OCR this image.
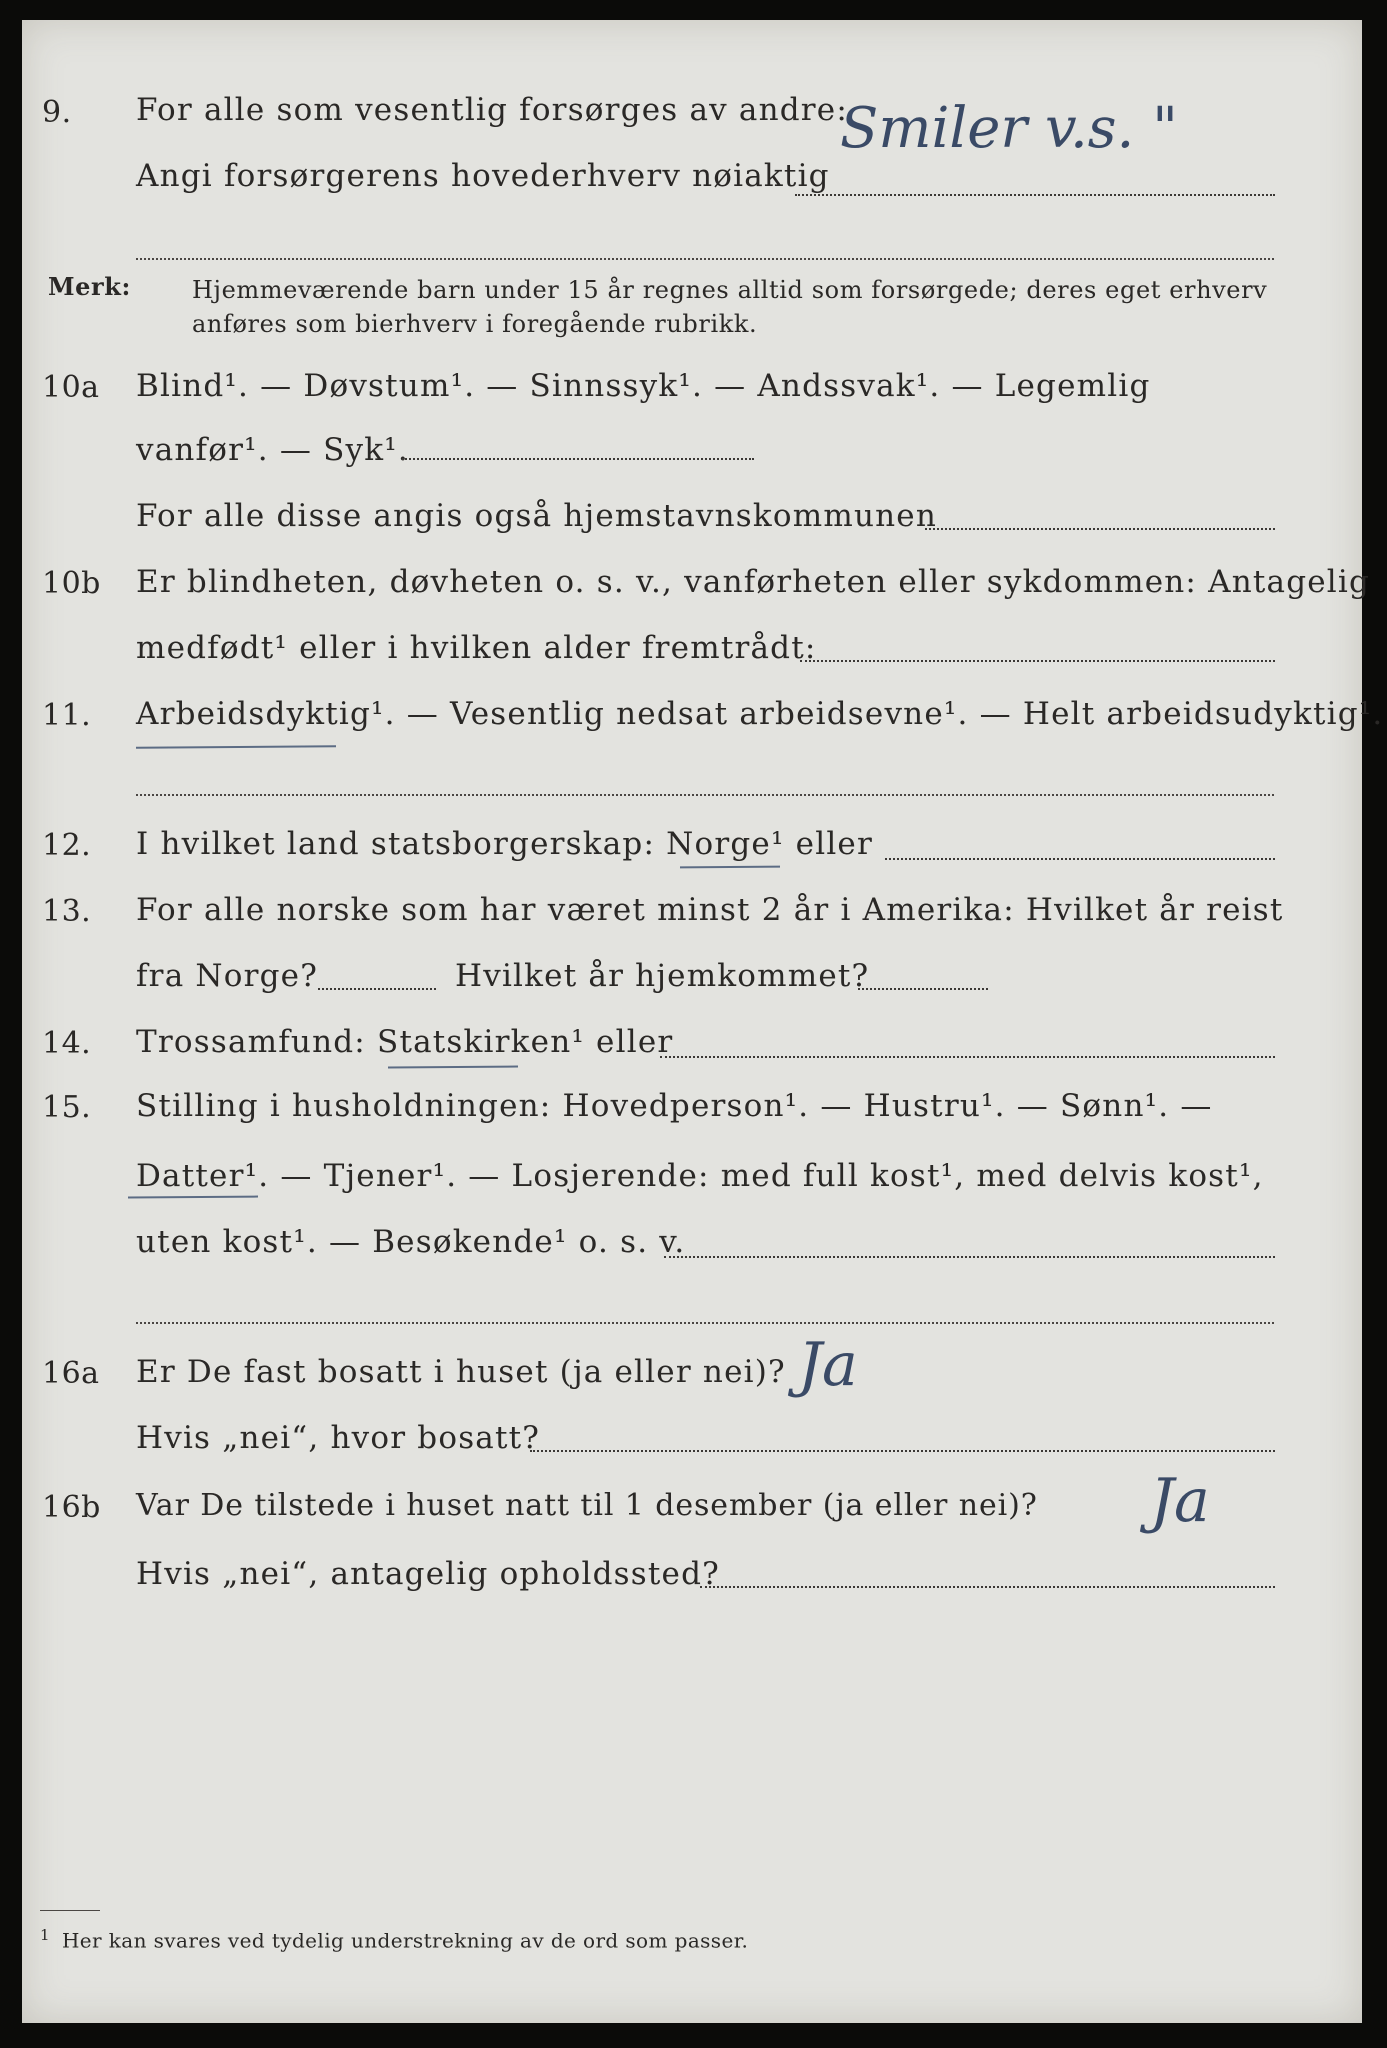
9. For alle som vesentlig forsørges av andre:
Angi forsørgerens hovederhverv nøiaktig
Smiler v.s. "
Merk:	Hjemmeværende barn under 15 år regnes alltid som forsørgede; deres eget erhverv
anføres som bierhverv i foregående rubrikk.
10a Blind¹. — Døvstum¹. — Sinnssyk¹. — Andssvak¹. — Legemlig
vanfør¹. — Syk¹.
For alle disse angis også hjemstavnskommunen
10b Er blindheten, døvheten o. s. v., vanførheten eller sykdommen: Antagelig
medfødt¹ eller i hvilken alder fremtrådt:
11. Arbeidsdyktig¹. — Vesentlig nedsat arbeidsevne¹. — Helt arbeidsudyktig¹.
12. I hvilket land statsborgerskap: Norge¹ eller
13. For alle norske som har været minst 2 år i Amerika: Hvilket år reist
fra Norge?	Hvilket år hjemkommet?
14. Trossamfund: Statskirken¹ eller
15. Stilling i husholdningen: Hovedperson¹. — Hustru¹. — Sønn¹. —
Datter¹. — Tjener¹. — Losjerende: med full kost¹, med delvis kost¹,
uten kost¹. — Besøkende¹ o. s. v.
16a Er De fast bosatt i huset (ja eller nei)? Ja
Hvis „nei“, hvor bosatt?
16b Var De tilstede i huset natt til 1 desember (ja eller nei)? Ja
Hvis „nei“, antagelig opholdssted?
$^1$ Her kan svares ved tydelig understrekning av de ord som passer.
